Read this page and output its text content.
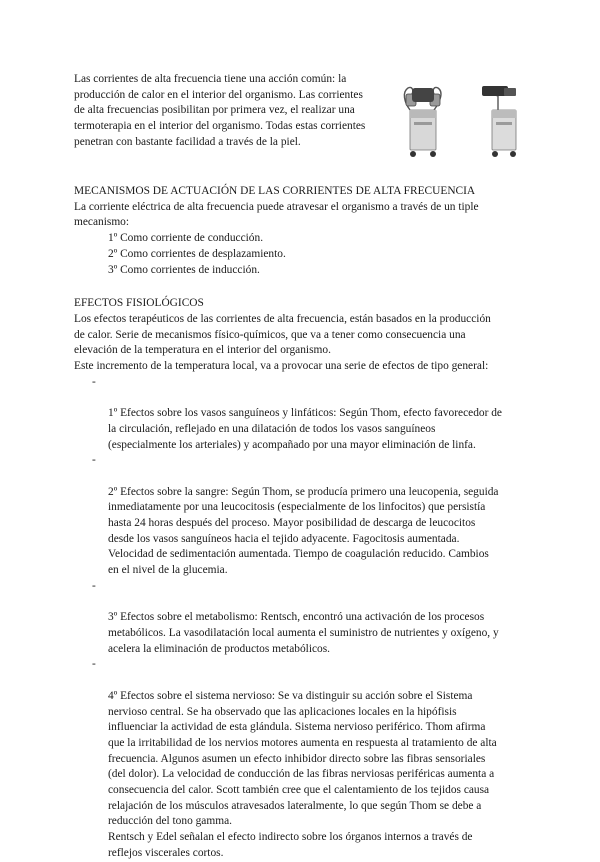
Las corrientes de alta frecuencia tiene una acción común: la
producción de calor en el interior del organismo. Las corrientes
de alta frecuencias posibilitan por primera vez, el realizar una
termoterapia en el interior del organismo. Todas estas corrientes
penetran con bastante facilidad a través de la piel.
MECANISMOS DE ACTUACIÓN DE LAS CORRIENTES DE ALTA FRECUENCIA
La corriente eléctrica de alta frecuencia puede atravesar el organismo a través de un tiple
mecanismo:
1º Como corriente de conducción.
2º Como corrientes de desplazamiento.
3º Como corrientes de inducción.
EFECTOS FISIOLÓGICOS
Los efectos terapéuticos de las corrientes de alta frecuencia, están basados en la producción
de calor. Serie de mecanismos físico-químicos, que va a tener como consecuencia una
elevación de la temperatura en el interior del organismo.
Este incremento de la temperatura local, va a provocar una serie de efectos de tipo general:

-

1º Efectos sobre los vasos sanguíneos y linfáticos: Según Thom, efecto favorecedor de
la circulación, reflejado en una dilatación de todos los vasos sanguíneos
(especialmente los arteriales) y acompañado por una mayor eliminación de linfa.

-

2º Efectos sobre la sangre: Según Thom, se producía primero una leucopenia, seguida
inmediatamente por una leucocitosis (especialmente de los linfocitos) que persistía
hasta 24 horas después del proceso. Mayor posibilidad de descarga de leucocitos
desde los vasos sanguíneos hacia el tejido adyacente. Fagocitosis aumentada.
Velocidad de sedimentación aumentada. Tiempo de coagulación reducido. Cambios
en el nivel de la glucemia.

-

3º Efectos sobre el metabolismo: Rentsch, encontró una activación de los procesos
metabólicos. La vasodilatación local aumenta el suministro de nutrientes y oxígeno, y
acelera la eliminación de productos metabólicos.

-

4º Efectos sobre el sistema nervioso: Se va distinguir su acción sobre el Sistema
nervioso central. Se ha observado que las aplicaciones locales en la hipófisis
influenciar la actividad de esta glándula. Sistema nervioso periférico. Thom afirma
que la irritabilidad de los nervios motores aumenta en respuesta al tratamiento de alta
frecuencia. Algunos asumen un efecto inhibidor directo sobre las fibras sensoriales
(del dolor). La velocidad de conducción de las fibras nerviosas periféricas aumenta a
consecuencia del calor. Scott también cree que el calentamiento de los tejidos causa
relajación de los músculos atravesados lateralmente, lo que según Thom se debe a
reducción del tono gamma.
Rentsch y Edel señalan el efecto indirecto sobre los órganos internos a través de
reflejos viscerales cortos.
